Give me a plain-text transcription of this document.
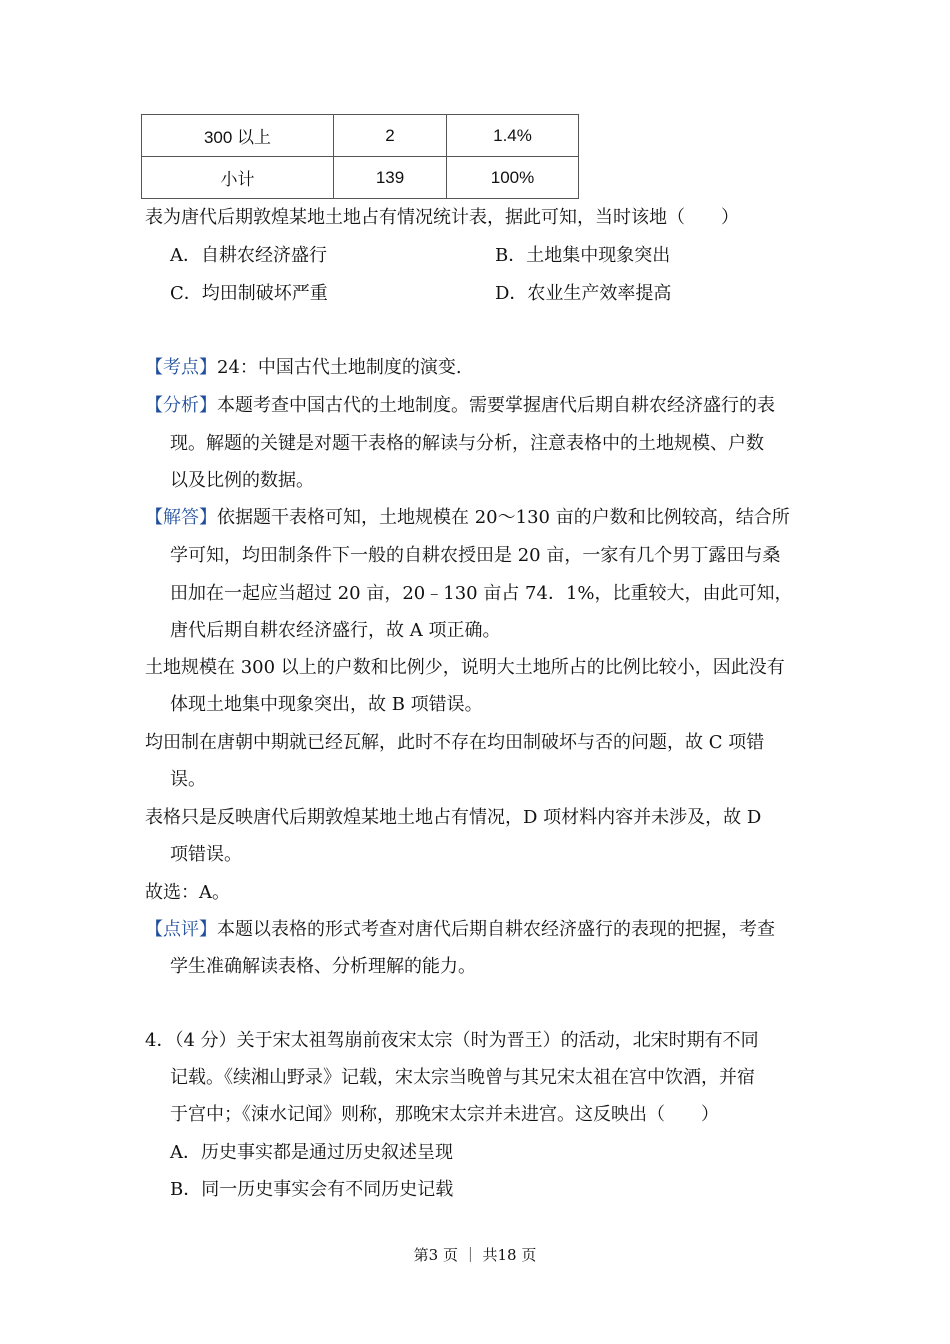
300 以上	2	1.4%
小计	139	100%
表为唐代后期敦煌某地土地占有情况统计表，据此可知，当时该地（　　）
A．自耕农经济盛行	B．土地集中现象突出
C．均田制破坏严重	D．农业生产效率提高
【考点】24：中国古代土地制度的演变.
【分析】本题考查中国古代的土地制度。需要掌握唐代后期自耕农经济盛行的表
现。解题的关键是对题干表格的解读与分析，注意表格中的土地规模、户数
以及比例的数据。
【解答】依据题干表格可知，土地规模在 20～130 亩的户数和比例较高，结合所
学可知，均田制条件下一般的自耕农授田是 20 亩，一家有几个男丁露田与桑
田加在一起应当超过 20 亩，20﹣130 亩占 74．1%，比重较大，由此可知，
唐代后期自耕农经济盛行，故 A 项正确。
土地规模在 300 以上的户数和比例少，说明大土地所占的比例比较小，因此没有
体现土地集中现象突出，故 B 项错误。
均田制在唐朝中期就已经瓦解，此时不存在均田制破坏与否的问题，故 C 项错
误。
表格只是反映唐代后期敦煌某地土地占有情况，D 项材料内容并未涉及，故 D
项错误。
故选：A。
【点评】本题以表格的形式考查对唐代后期自耕农经济盛行的表现的把握，考查
学生准确解读表格、分析理解的能力。
4．（4 分）关于宋太祖驾崩前夜宋太宗（时为晋王）的活动，北宋时期有不同
记载。《续湘山野录》记载，宋太宗当晚曾与其兄宋太祖在宫中饮酒，并宿
于宫中；《涑水记闻》则称，那晚宋太宗并未进宫。这反映出（　　）
A．历史事实都是通过历史叙述呈现
B．同一历史事实会有不同历史记载
第3 页 ｜ 共18 页
